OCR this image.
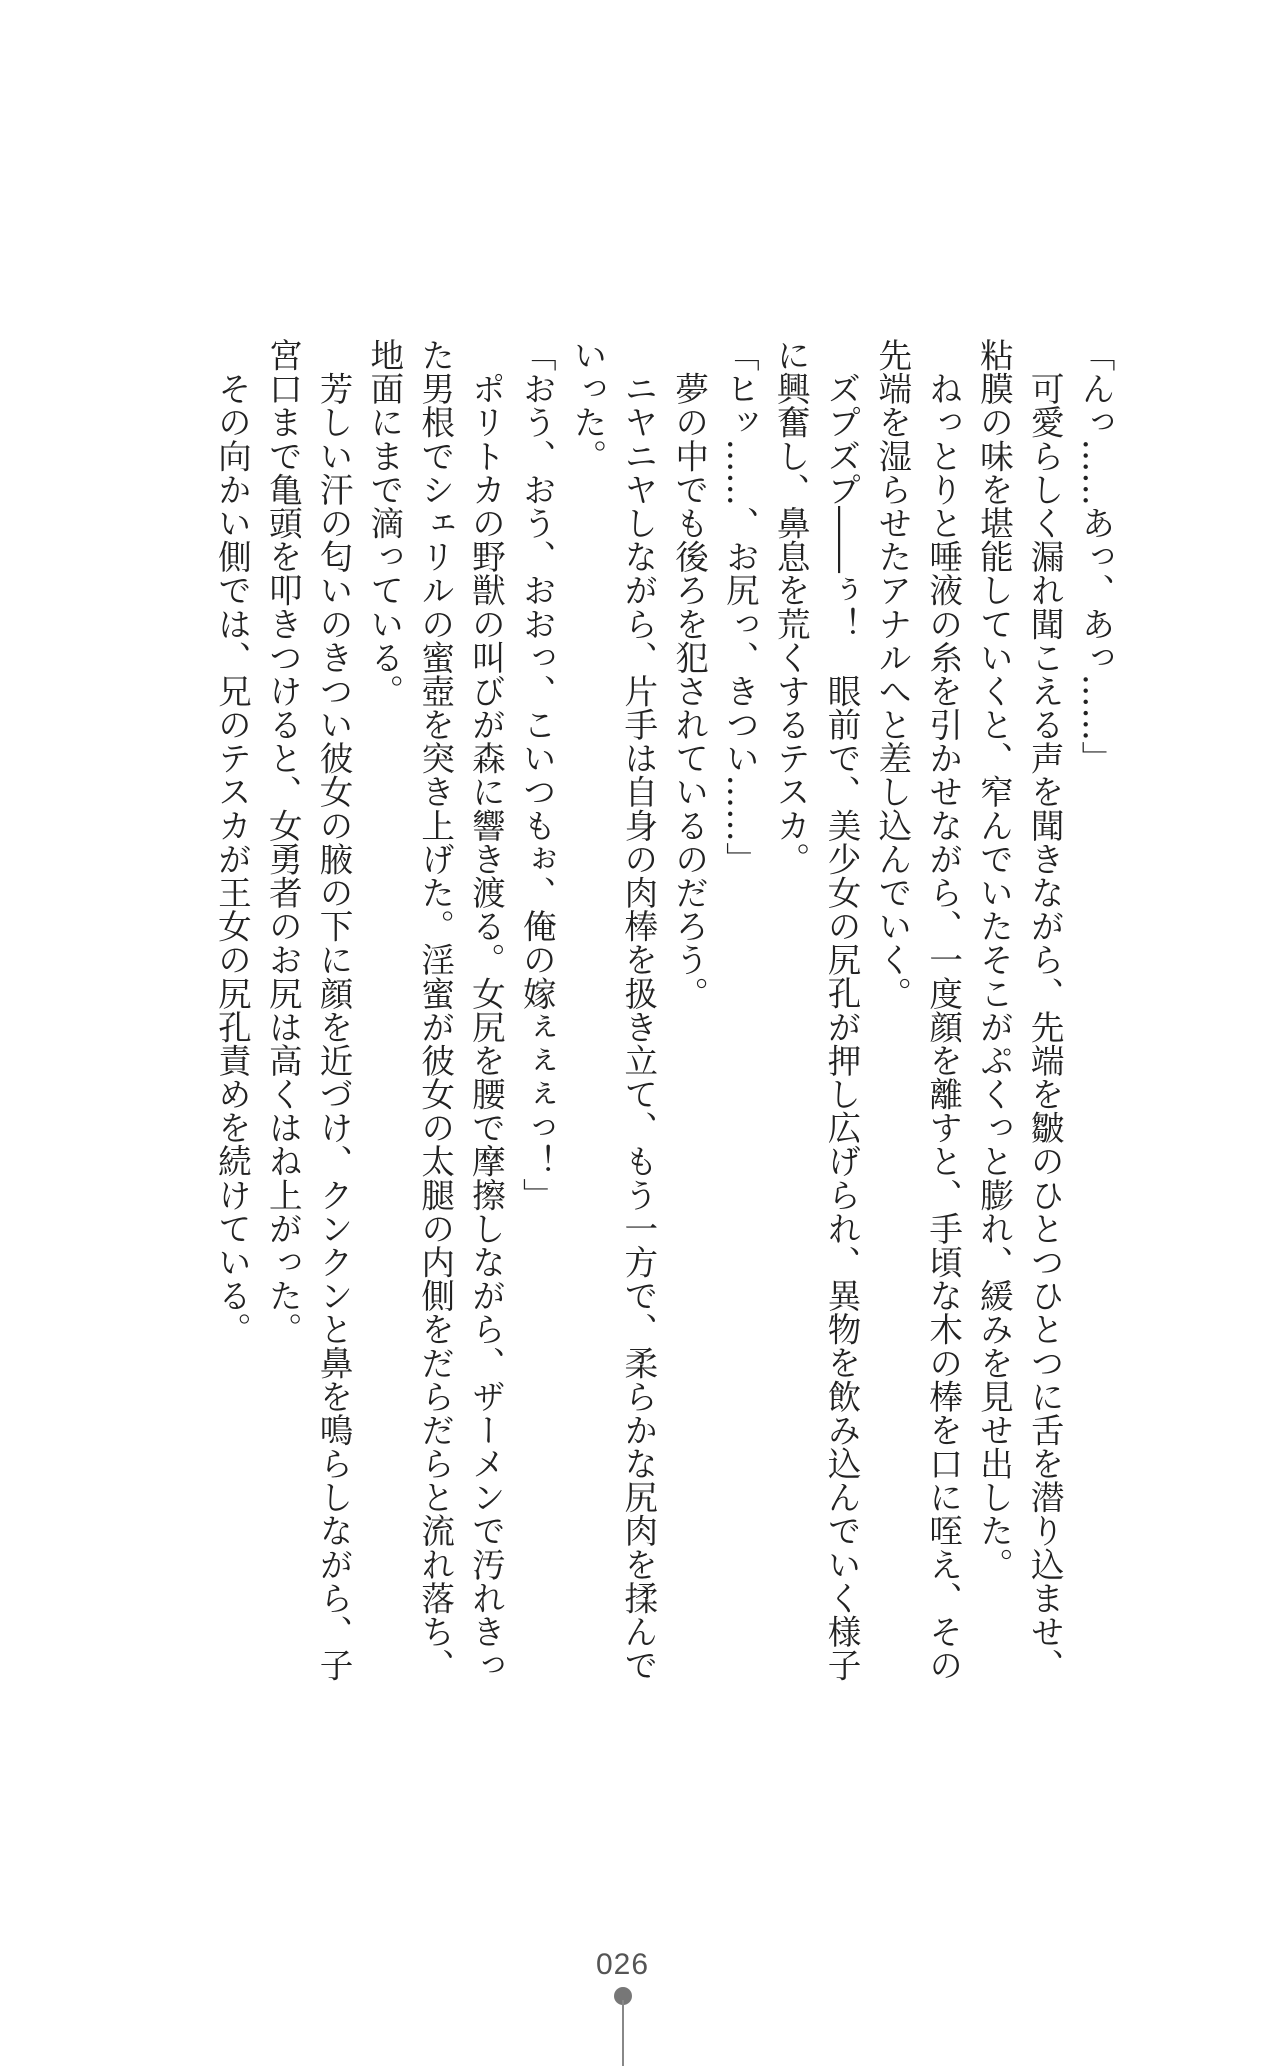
「んっ……あっ、あっ……」
　可愛らしく漏れ聞こえる声を聞きながら、先端を皺のひとつひとつに舌を潜り込ませ、
粘膜の味を堪能していくと、窄んでいたそこがぷくっと膨れ、緩みを見せ出した。
　ねっとりと唾液の糸を引かせながら、一度顔を離すと、手頃な木の棒を口に咥え、その
先端を湿らせたアナルへと差し込んでいく。
　ズプズプ――ぅ！　眼前で、美少女の尻孔が押し広げられ、異物を飲み込んでいく様子
に興奮し、鼻息を荒くするテスカ。
「ヒッ……、お尻っ、きつい……」
　夢の中でも後ろを犯されているのだろう。
　ニヤニヤしながら、片手は自身の肉棒を扱き立て、もう一方で、柔らかな尻肉を揉んで
いった。
「おう、おう、おおっ、こいつもぉ、俺の嫁ぇぇぇっ！」
　ポリトカの野獣の叫びが森に響き渡る。女尻を腰で摩擦しながら、ザーメンで汚れきっ
た男根でシェリルの蜜壺を突き上げた。淫蜜が彼女の太腿の内側をだらだらと流れ落ち、
地面にまで滴っている。
　芳しい汗の匂いのきつい彼女の腋の下に顔を近づけ、クンクンと鼻を鳴らしながら、子
宮口まで亀頭を叩きつけると、女勇者のお尻は高くはね上がった。
　その向かい側では、兄のテスカが王女の尻孔責めを続けている。
026
